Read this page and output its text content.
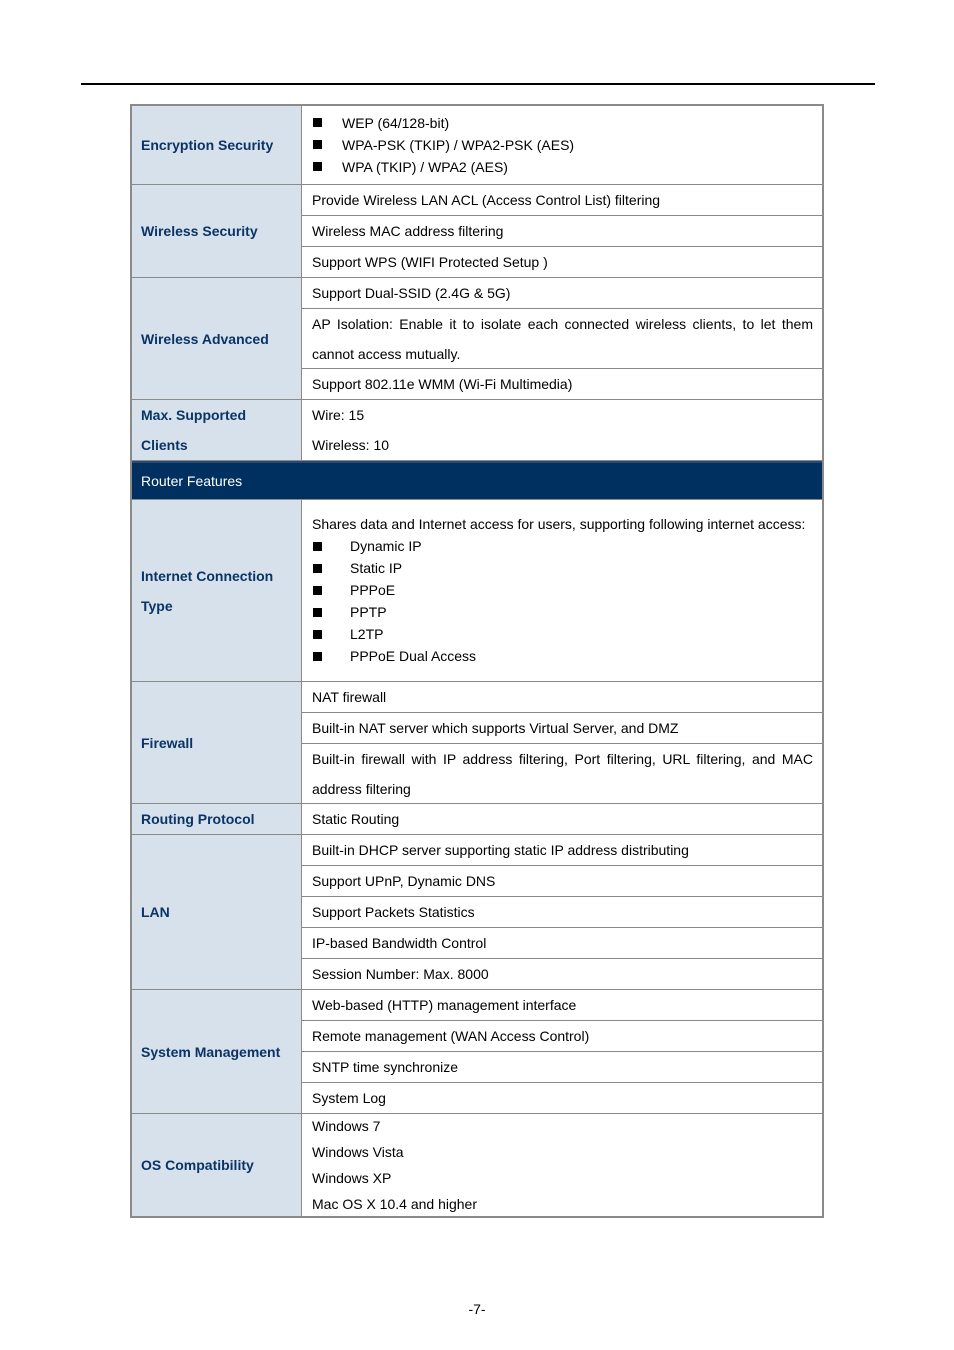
Encryption Security
WEP (64/128-bit)
WPA-PSK (TKIP) / WPA2-PSK (AES)
WPA (TKIP) / WPA2 (AES)
Wireless Security
Provide Wireless LAN ACL (Access Control List) filtering
Wireless MAC address filtering
Support WPS (WIFI Protected Setup )
Wireless Advanced
Support Dual-SSID (2.4G & 5G)
AP Isolation: Enable it to isolate each connected wireless clients, to let them cannot access mutually.
Support 802.11e WMM (Wi-Fi Multimedia)
Max. Supported
Clients
Wire: 15
Wireless: 10
Router Features
Internet Connection
Type
Shares data and Internet access for users, supporting following internet access:
Dynamic IP
Static IP
PPPoE
PPTP
L2TP
PPPoE Dual Access
Firewall
NAT firewall
Built-in NAT server which supports Virtual Server, and DMZ
Built-in firewall with IP address filtering, Port filtering, URL filtering, and MAC address filtering
Routing Protocol	Static Routing
LAN
Built-in DHCP server supporting static IP address distributing
Support UPnP, Dynamic DNS
Support Packets Statistics
IP-based Bandwidth Control
Session Number: Max. 8000
System Management
Web-based (HTTP) management interface
Remote management (WAN Access Control)
SNTP time synchronize
System Log
OS Compatibility
Windows 7
Windows Vista
Windows XP
Mac OS X 10.4 and higher
-7-
